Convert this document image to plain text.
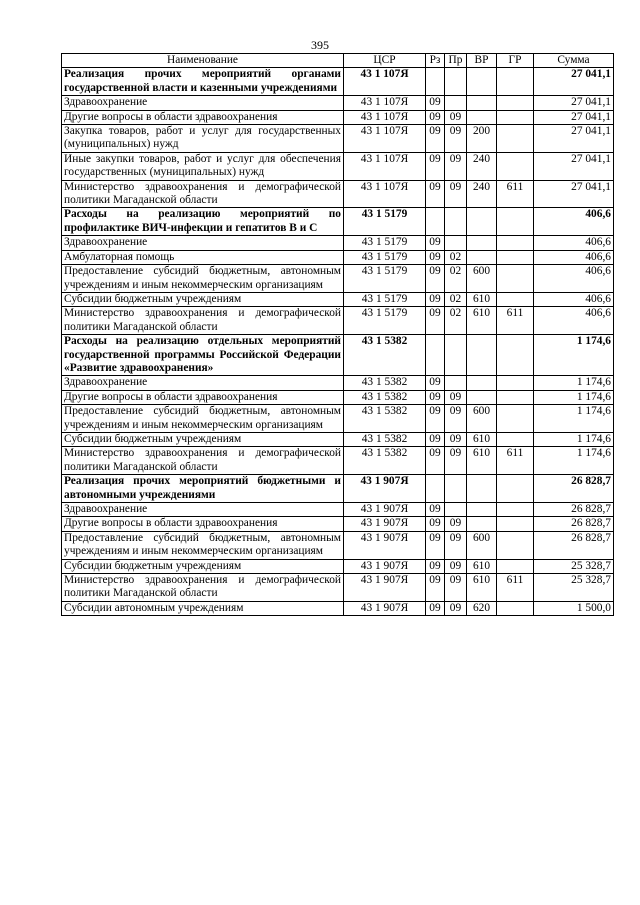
395
Наименование	ЦСР	Рз	Пр	ВР	ГР	Сумма
Реализация прочих мероприятий органами государственной власти и казенными учреждениями	43 1 107Я					27 041,1
Здравоохранение	43 1 107Я	09				27 041,1
Другие вопросы в области здравоохранения	43 1 107Я	09	09			27 041,1
Закупка товаров, работ и услуг для государственных (муниципальных) нужд	43 1 107Я	09	09	200		27 041,1
Иные закупки товаров, работ и услуг для обеспечения государственных (муниципальных) нужд	43 1 107Я	09	09	240		27 041,1
Министерство здравоохранения и демографической политики Магаданской области	43 1 107Я	09	09	240	611	27 041,1
Расходы на реализацию мероприятий по профилактике ВИЧ-инфекции и гепатитов В и С	43 1 5179					406,6
Здравоохранение	43 1 5179	09				406,6
Амбулаторная помощь	43 1 5179	09	02			406,6
Предоставление субсидий бюджетным, автономным учреждениям и иным некоммерческим организациям	43 1 5179	09	02	600		406,6
Субсидии бюджетным учреждениям	43 1 5179	09	02	610		406,6
Министерство здравоохранения и демографической политики Магаданской области	43 1 5179	09	02	610	611	406,6
Расходы на реализацию отдельных мероприятий государственной программы Российской Федерации «Развитие здравоохранения»	43 1 5382					1 174,6
Здравоохранение	43 1 5382	09				1 174,6
Другие вопросы в области здравоохранения	43 1 5382	09	09			1 174,6
Предоставление субсидий бюджетным, автономным учреждениям и иным некоммерческим организациям	43 1 5382	09	09	600		1 174,6
Субсидии бюджетным учреждениям	43 1 5382	09	09	610		1 174,6
Министерство здравоохранения и демографической политики Магаданской области	43 1 5382	09	09	610	611	1 174,6
Реализация прочих мероприятий бюджетными и автономными учреждениями	43 1 907Я					26 828,7
Здравоохранение	43 1 907Я	09				26 828,7
Другие вопросы в области здравоохранения	43 1 907Я	09	09			26 828,7
Предоставление субсидий бюджетным, автономным учреждениям и иным некоммерческим организациям	43 1 907Я	09	09	600		26 828,7
Субсидии бюджетным учреждениям	43 1 907Я	09	09	610		25 328,7
Министерство здравоохранения и демографической политики Магаданской области	43 1 907Я	09	09	610	611	25 328,7
Субсидии автономным учреждениям	43 1 907Я	09	09	620		1 500,0
